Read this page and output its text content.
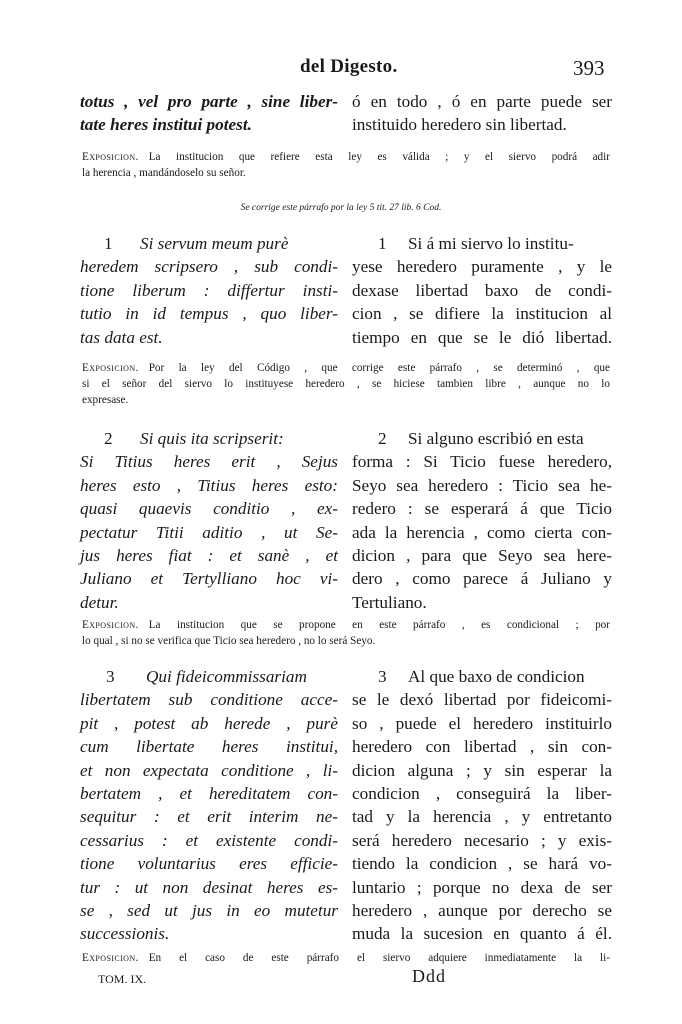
del Digesto.	393
totus , vel pro parte , sine liber-
tate heres institui potest.
ó en todo , ó en parte puede ser
instituido heredero sin libertad.
Exposicion. La institucion que refiere esta ley es válida ; y el siervo podrá adir
la herencia , mandándoselo su señor.
Se corrige este párrafo por la ley 5 tit. 27 lib. 6 Cod.
1 Si servum meum purè
heredem scripsero , sub condi-
tione liberum : differtur insti-
tutio in id tempus , quo liber-
tas data est.
1 Si á mi siervo lo institu-
yese heredero puramente , y le
dexase libertad baxo de condi-
cion , se difiere la institucion al
tiempo en que se le dió libertad.
Exposicion. Por la ley del Código , que corrige este párrafo , se determinó , que
si el señor del siervo lo instituyese heredero , se hiciese tambien libre , aunque no lo
expresase.
2 Si quis ita scripserit:
Si Titius heres erit , Sejus
heres esto , Titius heres esto:
quasi quaevis conditio , ex-
pectatur Titii aditio , ut Se-
jus heres fiat : et sanè , et
Juliano et Tertylliano hoc vi-
detur.
2 Si alguno escribió en esta
forma : Si Ticio fuese heredero,
Seyo sea heredero : Ticio sea he-
redero : se esperará á que Ticio
ada la herencia , como cierta con-
dicion , para que Seyo sea here-
dero , como parece á Juliano y
Tertuliano.
Exposicion. La institucion que se propone en este párrafo , es condicional ; por
lo qual , si no se verifica que Ticio sea heredero , no lo será Seyo.
3 Qui fideicommissariam
libertatem sub conditione acce-
pit , potest ab herede , purè
cum libertate heres institui,
et non expectata conditione , li-
bertatem , et hereditatem con-
sequitur : et erit interim ne-
cessarius : et existente condi-
tione voluntarius eres efficie-
tur : ut non desinat heres es-
se , sed ut jus in eo mutetur
successionis.
3 Al que baxo de condicion
se le dexó libertad por fideicomi-
so , puede el heredero instituirlo
heredero con libertad , sin con-
dicion alguna ; y sin esperar la
condicion , conseguirá la liber-
tad y la herencia , y entretanto
será heredero necesario ; y exis-
tiendo la condicion , se hará vo-
luntario ; porque no dexa de ser
heredero , aunque por derecho se
muda la sucesion en quanto á él.
Exposicion. En el caso de este párrafo el siervo adquiere inmediatamente la li-
TOM. IX.	Ddd
